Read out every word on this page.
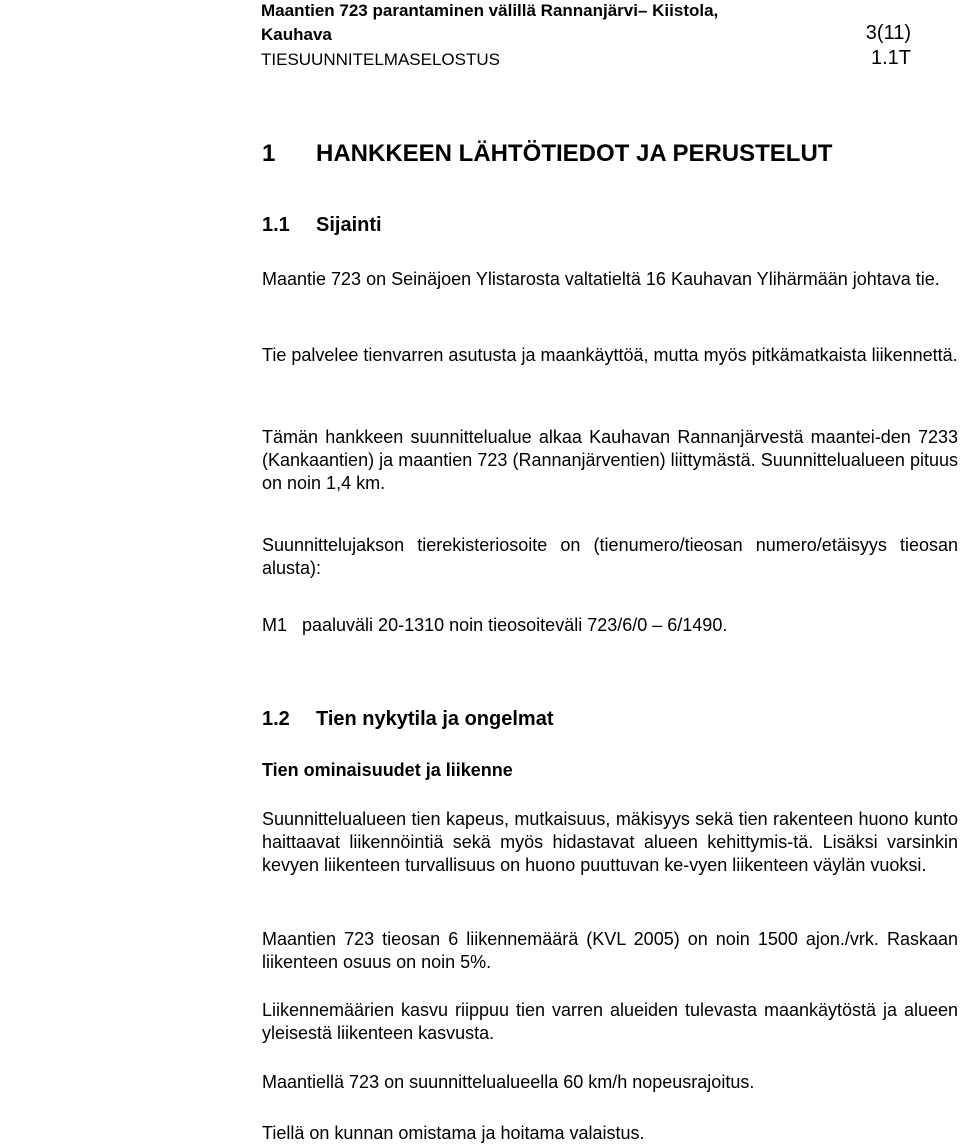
Maantien 723 parantaminen välillä Rannanjärvi– Kiistola,
Kauhava
TIESUUNNITELMASELOSTUS
3(11)
1.1T
1 HANKKEEN LÄHTÖTIEDOT JA PERUSTELUT
1.1 Sijainti

Maantie 723 on Seinäjoen Ylistarosta valtatieltä 16 Kauhavan Ylihärmään johtava tie.

Tie palvelee tienvarren asutusta ja maankäyttöä, mutta myös pitkämatkaista liikennettä.

Tämän hankkeen suunnittelualue alkaa Kauhavan Rannanjärvestä maantei-den 7233 (Kankaantien) ja maantien 723 (Rannanjärventien) liittymästä. Suunnittelualueen pituus on noin 1,4 km.

Suunnittelujakson tierekisteriosoite on (tienumero/tieosan numero/etäisyys tieosan alusta):

M1   paaluväli 20-1310 noin tieosoiteväli 723/6/0 – 6/1490.

1.2 Tien nykytila ja ongelmat
Tien ominaisuudet ja liikenne

Suunnittelualueen tien kapeus, mutkaisuus, mäkisyys sekä tien rakenteen huono kunto haittaavat liikennöintiä sekä myös hidastavat alueen kehittymis-tä. Lisäksi varsinkin kevyen liikenteen turvallisuus on huono puuttuvan ke-vyen liikenteen väylän vuoksi.

Maantien 723 tieosan 6 liikennemäärä (KVL 2005) on noin 1500 ajon./vrk. Raskaan liikenteen osuus on noin 5%.

Liikennemäärien kasvu riippuu tien varren alueiden tulevasta maankäytöstä ja alueen yleisestä liikenteen kasvusta.

Maantiellä 723 on suunnittelualueella 60 km/h nopeusrajoitus.

Tiellä on kunnan omistama ja hoitama valaistus.
